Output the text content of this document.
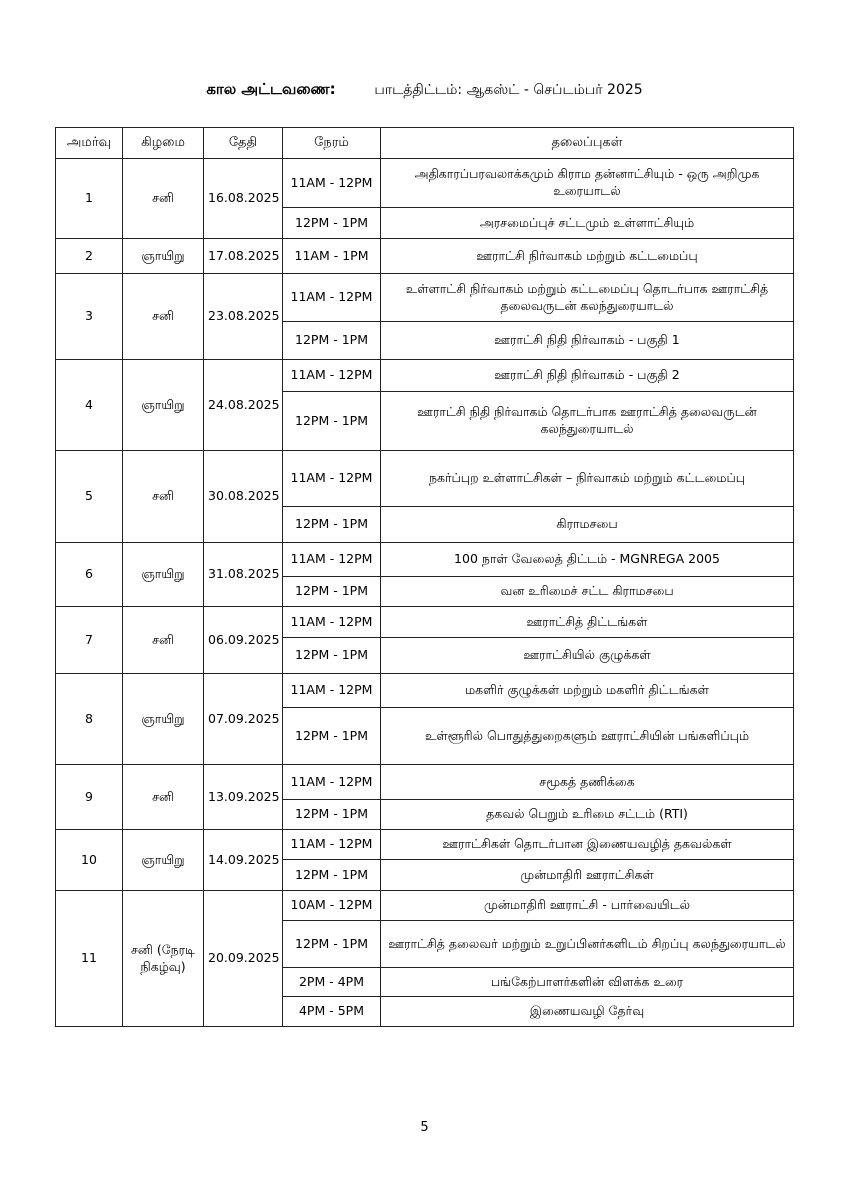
கால அட்டவணை:	பாடத்திட்டம்: ஆகஸ்ட் - செப்டம்பர் 2025
அமர்வு	கிழமை	தேதி	நேரம்	தலைப்புகள்
1	சனி	16.08.2025	11AM - 12PM	அதிகாரப்பரவலாக்கமும் கிராம தன்னாட்சியும் - ஒரு அறிமுக உரையாடல்
			12PM - 1PM	அரசமைப்புச் சட்டமும் உள்ளாட்சியும்
2	ஞாயிறு	17.08.2025	11AM - 1PM	ஊராட்சி நிர்வாகம் மற்றும் கட்டமைப்பு
3	சனி	23.08.2025	11AM - 12PM	உள்ளாட்சி நிர்வாகம் மற்றும் கட்டமைப்பு தொடர்பாக ஊராட்சித் தலைவருடன் கலந்துரையாடல்
			12PM - 1PM	ஊராட்சி நிதி நிர்வாகம் - பகுதி 1
4	ஞாயிறு	24.08.2025	11AM - 12PM	ஊராட்சி நிதி நிர்வாகம் - பகுதி 2
			12PM - 1PM	ஊராட்சி நிதி நிர்வாகம் தொடர்பாக ஊராட்சித் தலைவருடன் கலந்துரையாடல்
5	சனி	30.08.2025	11AM - 12PM	நகர்ப்புற உள்ளாட்சிகள் – நிர்வாகம் மற்றும் கட்டமைப்பு
			12PM - 1PM	கிராமசபை
6	ஞாயிறு	31.08.2025	11AM - 12PM	100 நாள் வேலைத் திட்டம் - MGNREGA 2005
			12PM - 1PM	வன உரிமைச் சட்ட கிராமசபை
7	சனி	06.09.2025	11AM - 12PM	ஊராட்சித் திட்டங்கள்
			12PM - 1PM	ஊராட்சியில் குழுக்கள்
8	ஞாயிறு	07.09.2025	11AM - 12PM	மகளிர் குழுக்கள் மற்றும் மகளிர் திட்டங்கள்
			12PM - 1PM	உள்ளூரில் பொதுத்துறைகளும் ஊராட்சியின் பங்களிப்பும்
9	சனி	13.09.2025	11AM - 12PM	சமூகத் தணிக்கை
			12PM - 1PM	தகவல் பெறும் உரிமை சட்டம் (RTI)
10	ஞாயிறு	14.09.2025	11AM - 12PM	ஊராட்சிகள் தொடர்பான இணையவழித் தகவல்கள்
			12PM - 1PM	முன்மாதிரி ஊராட்சிகள்
11	சனி (நேரடி நிகழ்வு)	20.09.2025	10AM - 12PM	முன்மாதிரி ஊராட்சி - பார்வையிடல்
			12PM - 1PM	ஊராட்சித் தலைவர் மற்றும் உறுப்பினர்களிடம் சிறப்பு கலந்துரையாடல்
			2PM - 4PM	பங்கேற்பாளர்களின் விளக்க உரை
			4PM - 5PM	இணையவழி தேர்வு
5
